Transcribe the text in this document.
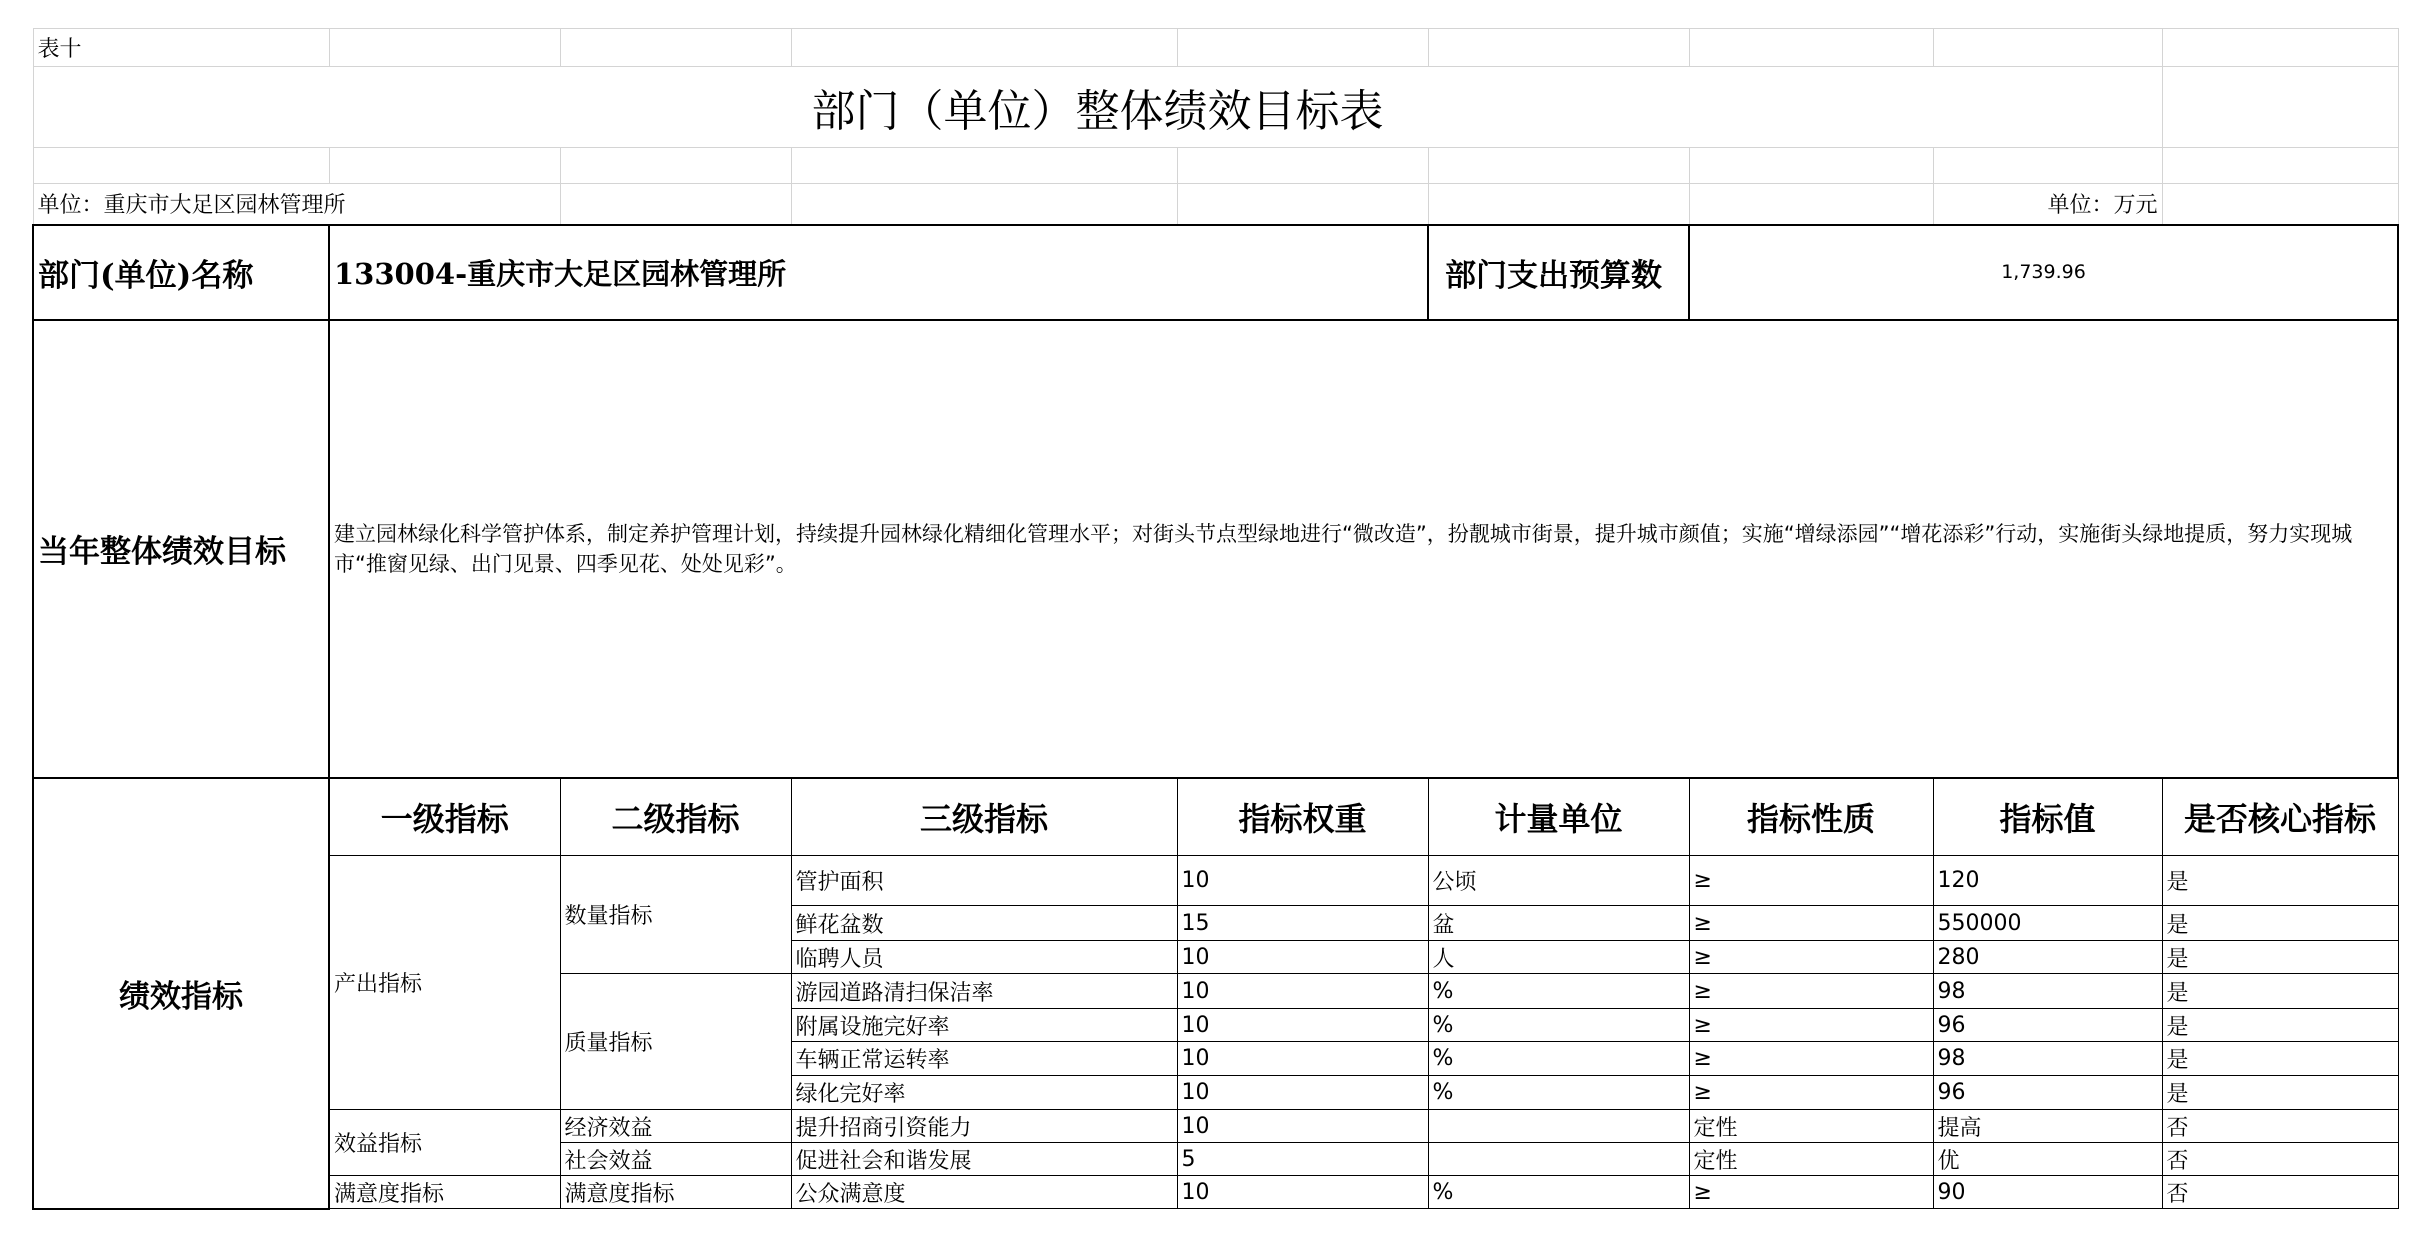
表十								
部门（单位）整体绩效目标表								

单位：重庆市大足区园林管理所							单位：万元	
部门(单位)名称	133004-重庆市大足区园林管理所				部门支出预算数	1,739.96		
当年整体绩效目标	建立园林绿化科学管护体系，制定养护管理计划，持续提升园林绿化精细化管理水平；对街头节点型绿地进行“微改造”，扮靓城市街景，提升城市颜值；实施“增绿添园”“增花添彩”行动，实施街头绿地提质，努力实现城市“推窗见绿、出门见景、四季见花、处处见彩”。							
绩效指标	一级指标	二级指标	三级指标	指标权重	计量单位	指标性质	指标值	是否核心指标
	产出指标	数量指标	管护面积	10	公顷	≥	120	是
			鲜花盆数	15	盆	≥	550000	是
			临聘人员	10	人	≥	280	是
		质量指标	游园道路清扫保洁率	10	%	≥	98	是
			附属设施完好率	10	%	≥	96	是
			车辆正常运转率	10	%	≥	98	是
			绿化完好率	10	%	≥	96	是
	效益指标	经济效益	提升招商引资能力	10		定性	提高	否
		社会效益	促进社会和谐发展	5		定性	优	否
	满意度指标	满意度指标	公众满意度	10	%	≥	90	否
